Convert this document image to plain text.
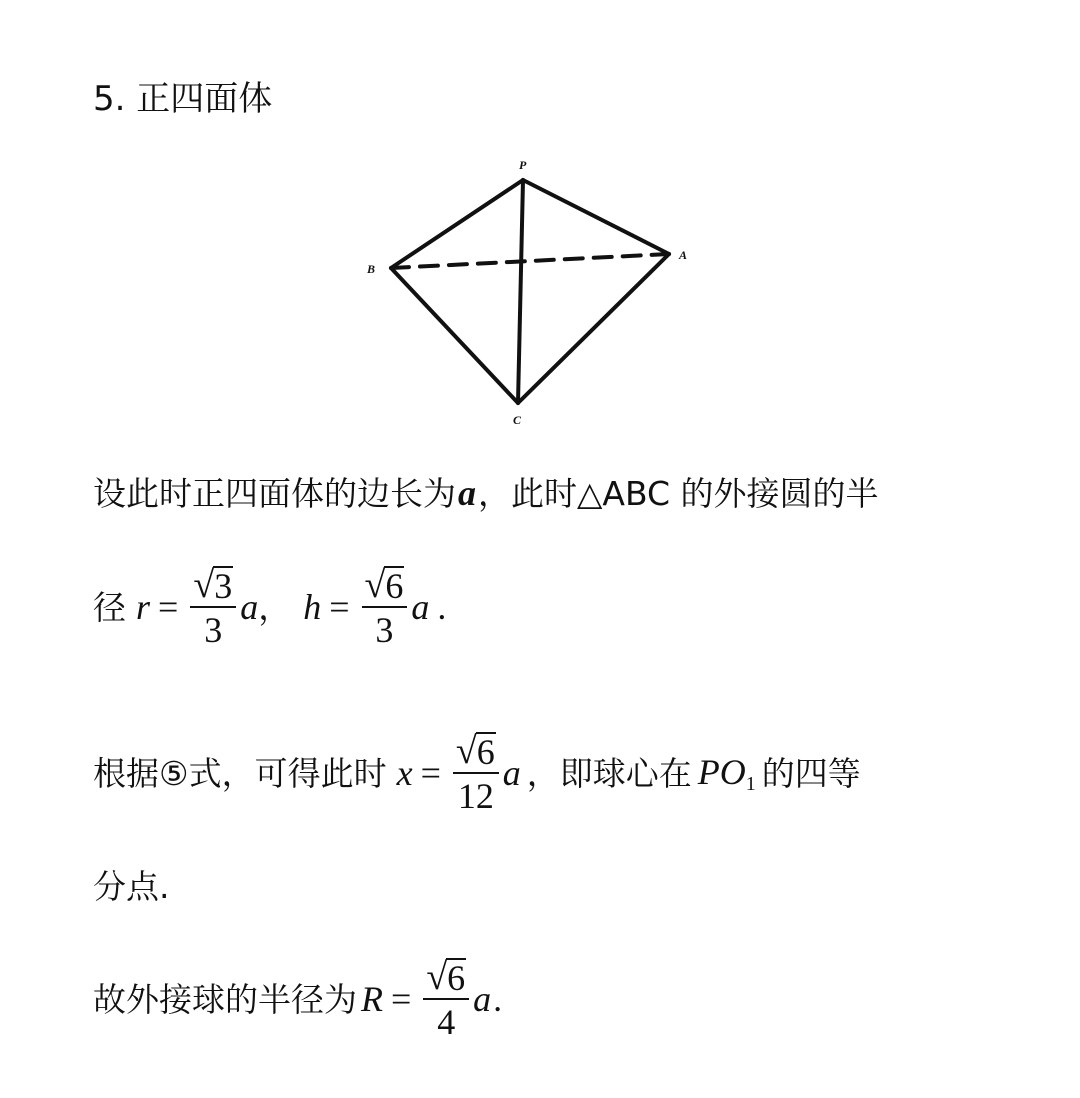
5. 正四面体
P
A
B
C
设此时正四面体的边长为 a ，此时△ABC 的外接圆的半
径 $r = \frac{√ 3}{3}$ a ， $h = \frac{√ 6}{3}$ a .
根据⑤式，可得此时 $x = \frac{√ 6}{12}$ a ，即球心在 $PO_1$ 的四等
分点.
故外接球的半径为 $R = \frac{√ 6}{4}$ a .
